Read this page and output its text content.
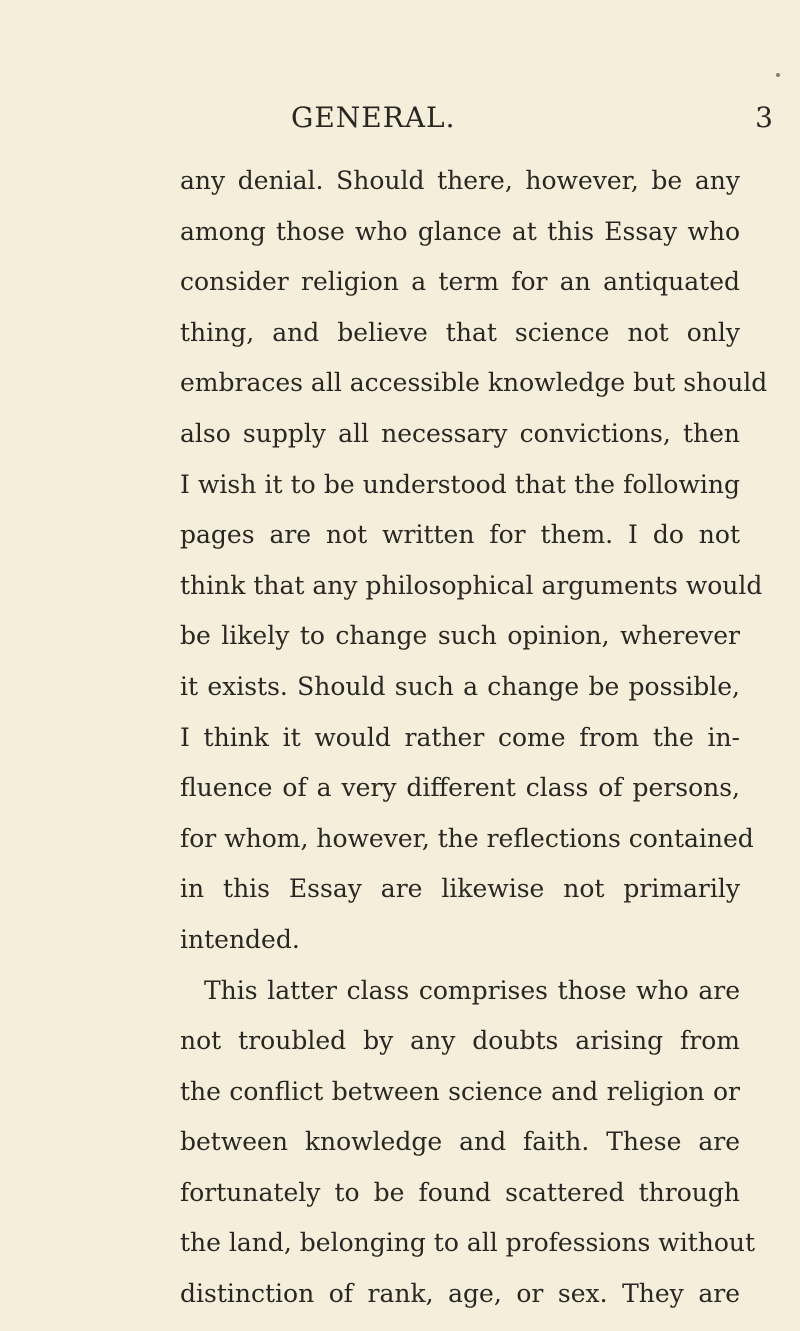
GENERAL.	3
any denial. Should there, however, be any
among those who glance at this Essay who
consider religion a term for an antiquated
thing, and believe that science not only
embraces all accessible knowledge but should
also supply all necessary convictions, then
I wish it to be understood that the following
pages are not written for them. I do not
think that any philosophical arguments would
be likely to change such opinion, wherever
it exists. Should such a change be possible,
I think it would rather come from the in-
fluence of a very different class of persons,
for whom, however, the reflections contained
in this Essay are likewise not primarily
intended.
This latter class comprises those who are
not troubled by any doubts arising from
the conflict between science and religion or
between knowledge and faith. These are
fortunately to be found scattered through
the land, belonging to all professions without
distinction of rank, age, or sex. They are
